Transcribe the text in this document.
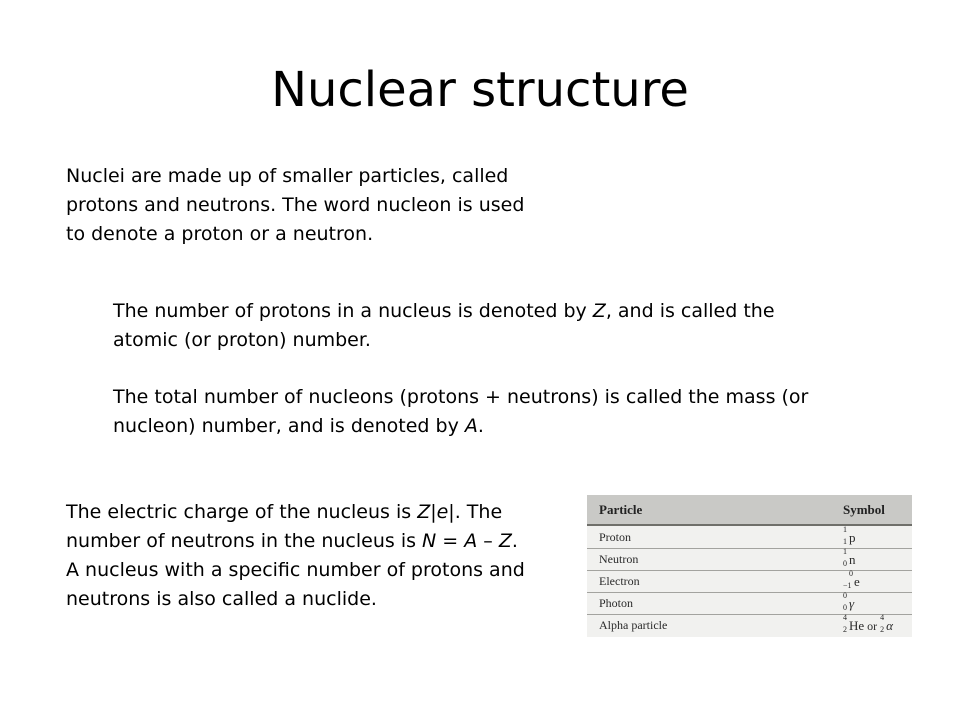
Nuclear structure
Nuclei are made up of smaller particles, called
protons and neutrons. The word nucleon is used
to denote a proton or a neutron.
The number of protons in a nucleus is denoted by Z, and is called the
atomic (or proton) number.
The total number of nucleons (protons + neutrons) is called the mass (or
nucleon) number, and is denoted by A.
The electric charge of the nucleus is Z|e|. The
number of neutrons in the nucleus is N = A – Z.
A nucleus with a specific number of protons and
neutrons is also called a nuclide.
Particle	Symbol
Proton
1
1 p
Neutron
1
0 n
Electron
0
−1 e
Photon
0
0 γ
Alpha particle
4
2 He or
4
2 α
